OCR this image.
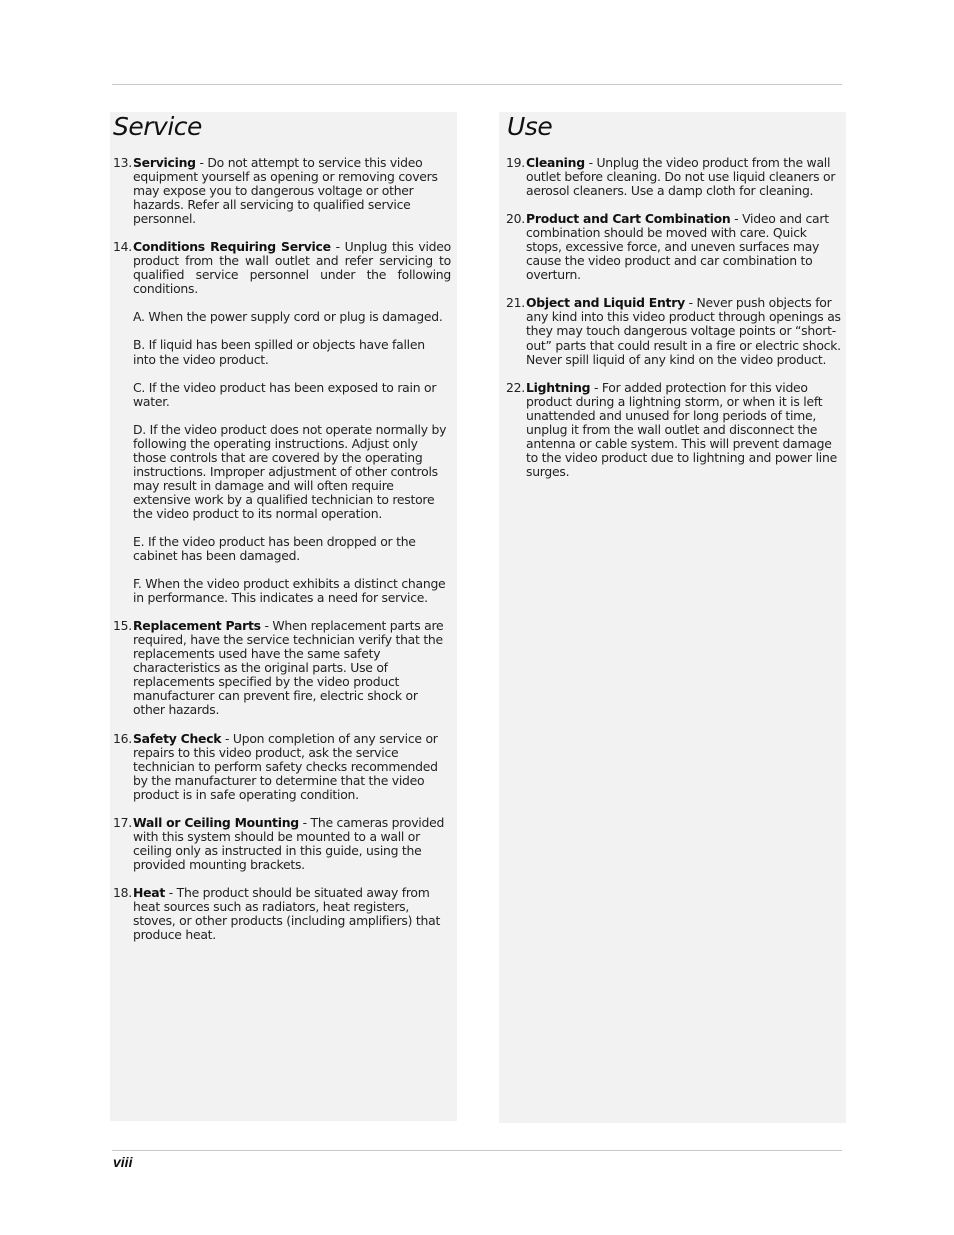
Service
13. Servicing - Do not attempt to service this video equipment yourself as opening or removing covers may expose you to dangerous voltage or other hazards. Refer all servicing to qualified service personnel.

14. Conditions Requiring Service - Unplug this video product from the wall outlet and refer servicing to qualified service personnel under the following conditions.

A. When the power supply cord or plug is damaged.

B. If liquid has been spilled or objects have fallen into the video product.

C. If the video product has been exposed to rain or water.

D. If the video product does not operate normally by following the operating instructions. Adjust only those controls that are covered by the operating instructions. Improper adjustment of other controls may result in damage and will often require extensive work by a qualified technician to restore the video product to its normal operation.

E. If the video product has been dropped or the cabinet has been damaged.

F. When the video product exhibits a distinct change in performance. This indicates a need for service.

15. Replacement Parts - When replacement parts are required, have the service technician verify that the replacements used have the same safety characteristics as the original parts. Use of replacements specified by the video product manufacturer can prevent fire, electric shock or other hazards.

16. Safety Check - Upon completion of any service or repairs to this video product, ask the service technician to perform safety checks recommended by the manufacturer to determine that the video product is in safe operating condition.

17. Wall or Ceiling Mounting - The cameras provided with this system should be mounted to a wall or ceiling only as instructed in this guide, using the provided mounting brackets.

18. Heat - The product should be situated away from heat sources such as radiators, heat registers, stoves, or other products (including amplifiers) that produce heat.

Use
19. Cleaning - Unplug the video product from the wall outlet before cleaning. Do not use liquid cleaners or aerosol cleaners. Use a damp cloth for cleaning.

20. Product and Cart Combination - Video and cart combination should be moved with care. Quick stops, excessive force, and uneven surfaces may cause the video product and car combination to overturn.

21. Object and Liquid Entry - Never push objects for any kind into this video product through openings as they may touch dangerous voltage points or “short-out” parts that could result in a fire or electric shock. Never spill liquid of any kind on the video product.

22. Lightning - For added protection for this video product during a lightning storm, or when it is left unattended and unused for long periods of time, unplug it from the wall outlet and disconnect the antenna or cable system. This will prevent damage to the video product due to lightning and power line surges.

viii
